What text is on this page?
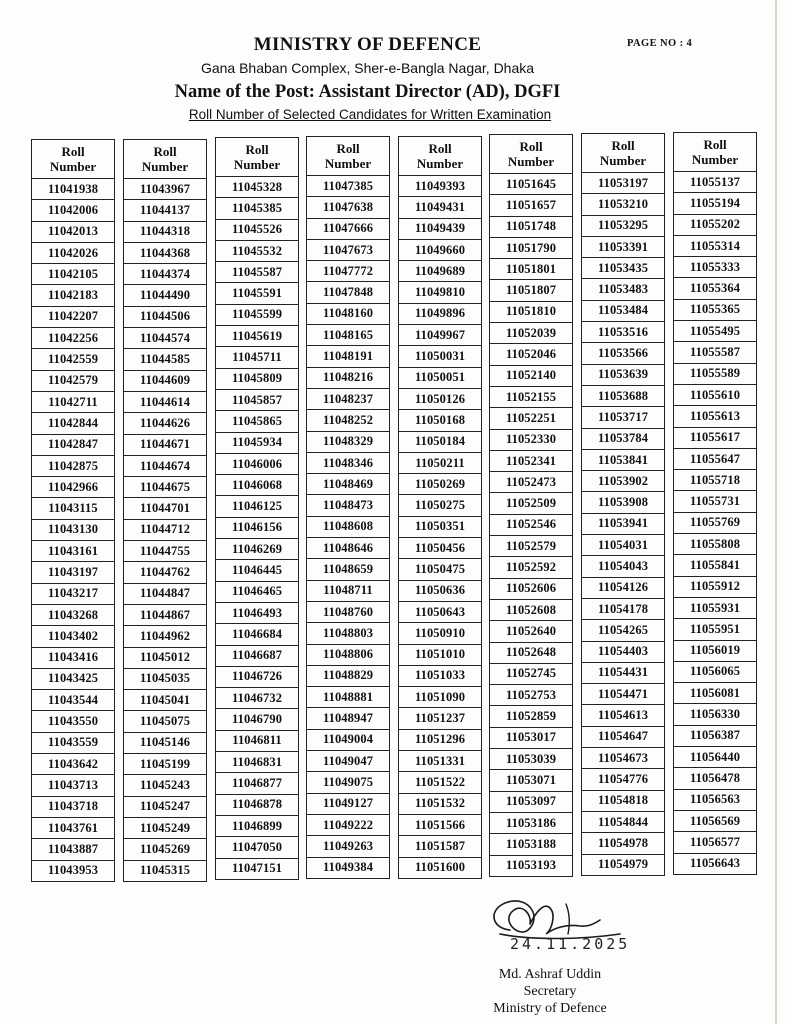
MINISTRY OF DEFENCE	PAGE NO : 4
Gana Bhaban Complex, Sher-e-Bangla Nagar, Dhaka
Name of the Post: Assistant Director (AD), DGFI
Roll Number of Selected Candidates for Written Examination
Roll
Number
11041938
11042006
11042013
11042026
11042105
11042183
11042207
11042256
11042559
11042579
11042711
11042844
11042847
11042875
11042966
11043115
11043130
11043161
11043197
11043217
11043268
11043402
11043416
11043425
11043544
11043550
11043559
11043642
11043713
11043718
11043761
11043887
11043953
Roll
Number
11043967
11044137
11044318
11044368
11044374
11044490
11044506
11044574
11044585
11044609
11044614
11044626
11044671
11044674
11044675
11044701
11044712
11044755
11044762
11044847
11044867
11044962
11045012
11045035
11045041
11045075
11045146
11045199
11045243
11045247
11045249
11045269
11045315
Roll
Number
11045328
11045385
11045526
11045532
11045587
11045591
11045599
11045619
11045711
11045809
11045857
11045865
11045934
11046006
11046068
11046125
11046156
11046269
11046445
11046465
11046493
11046684
11046687
11046726
11046732
11046790
11046811
11046831
11046877
11046878
11046899
11047050
11047151
Roll
Number
11047385
11047638
11047666
11047673
11047772
11047848
11048160
11048165
11048191
11048216
11048237
11048252
11048329
11048346
11048469
11048473
11048608
11048646
11048659
11048711
11048760
11048803
11048806
11048829
11048881
11048947
11049004
11049047
11049075
11049127
11049222
11049263
11049384
Roll
Number
11049393
11049431
11049439
11049660
11049689
11049810
11049896
11049967
11050031
11050051
11050126
11050168
11050184
11050211
11050269
11050275
11050351
11050456
11050475
11050636
11050643
11050910
11051010
11051033
11051090
11051237
11051296
11051331
11051522
11051532
11051566
11051587
11051600
Roll
Number
11051645
11051657
11051748
11051790
11051801
11051807
11051810
11052039
11052046
11052140
11052155
11052251
11052330
11052341
11052473
11052509
11052546
11052579
11052592
11052606
11052608
11052640
11052648
11052745
11052753
11052859
11053017
11053039
11053071
11053097
11053186
11053188
11053193
Roll
Number
11053197
11053210
11053295
11053391
11053435
11053483
11053484
11053516
11053566
11053639
11053688
11053717
11053784
11053841
11053902
11053908
11053941
11054031
11054043
11054126
11054178
11054265
11054403
11054431
11054471
11054613
11054647
11054673
11054776
11054818
11054844
11054978
11054979
Roll
Number
11055137
11055194
11055202
11055314
11055333
11055364
11055365
11055495
11055587
11055589
11055610
11055613
11055617
11055647
11055718
11055731
11055769
11055808
11055841
11055912
11055931
11055951
11056019
11056065
11056081
11056330
11056387
11056440
11056478
11056563
11056569
11056577
11056643
24.11.2025
Md. Ashraf Uddin
Secretary
Ministry of Defence
